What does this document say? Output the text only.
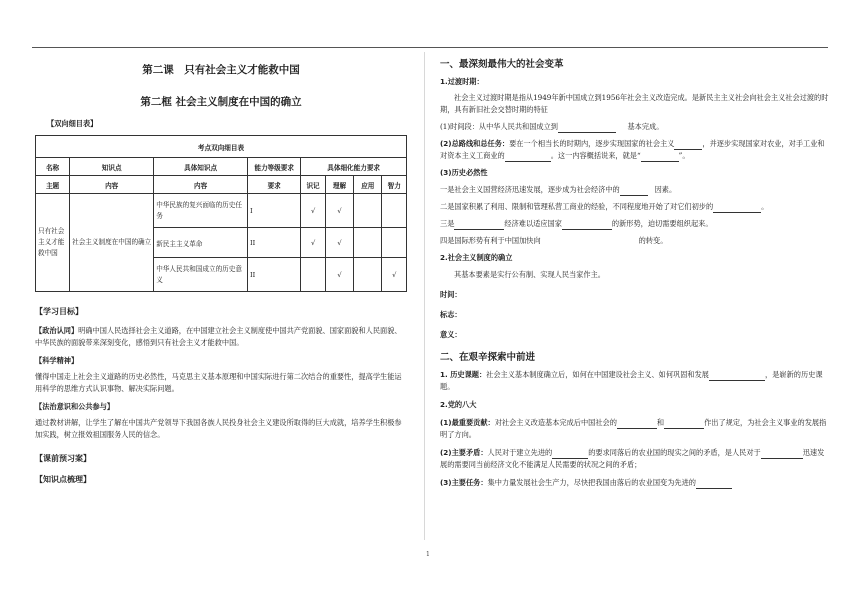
第二课　只有社会主义才能救中国
第二框 社会主义制度在中国的确立
【双向细目表】
考点双向细目表							
名称	知识点	具体知识点	能力等级要求	具体细化能力要求			
主题	内容	内容	要求	识记	理解	应用	智力
只有社会主义才能救中国	社会主义制度在中国的确立	中华民族的复兴面临的历史任务	Ⅰ	√	√		
		新民主主义革命	ⅠⅠ	√	√		
		中华人民共和国成立的历史意义	ⅠⅠ		√		√
【学习目标】
【政治认同】明确中国人民选择社会主义道路，在中国建立社会主义制度使中国共产党面貌、国家面貌和人民面貌、中华民族的面貌带来深刻变化，感悟到只有社会主义才能救中国。
【科学精神】
懂得中国走上社会主义道路的历史必然性，马克思主义基本原理和中国实际进行第二次结合的重要性，提高学生能运用科学的思维方式认识事物、解决实际问题。
【法治意识和公共参与】
通过教材讲解，让学生了解在中国共产党领导下我国各族人民投身社会主义建设所取得的巨大成就，培养学生积极参加实践，树立报效祖国服务人民的信念。
【课前预习案】
【知识点梳理】
一、最深刻最伟大的社会变革
1.过渡时期：
社会主义过渡时期是指从1949年新中国成立到1956年社会主义改造完成。是新民主主义社会向社会主义社会过渡的时期，具有新旧社会交替时期的特征
(1)时间段：从中华人民共和国成立到	基本完成。
(2)总路线和总任务：要在一个相当长的时期内，逐步实现国家的社会主义	，并逐步实现国家对农业，对手工业和对资本主义工商业的	。这一内容概括说来，就是“	”。
(3)历史必然性
一是社会主义国营经济迅速发展，逐步成为社会经济中的	因素。
二是国家积累了利用、限制和管理私营工商业的经验，不同程度地开始了对它们初步的	。
三是	经济难以适应国家	的新形势，迫切需要组织起来。
四是国际形势有利于中国加快向	的转变。
2.社会主义制度的确立
其基本要素是实行公有制、实现人民当家作主。
时间：
标志：
意义：
二、在艰辛探索中前进
1. 历史课题：社会主义基本制度确立后，如何在中国建设社会主义、如何巩固和发展	，是崭新的历史课题。
2.党的八大
(1)最重要贡献：对社会主义改造基本完成后中国社会的	和	作出了规定，为社会主义事业的发展指明了方向。
(2)主要矛盾：人民对于建立先进的	的要求同落后的农业国的现实之间的矛盾，是人民对于	迅速发展的需要同当前经济文化不能满足人民需要的状况之间的矛盾；
(3)主要任务：集中力量发展社会生产力，尽快把我国由落后的农业国变为先进的
1
